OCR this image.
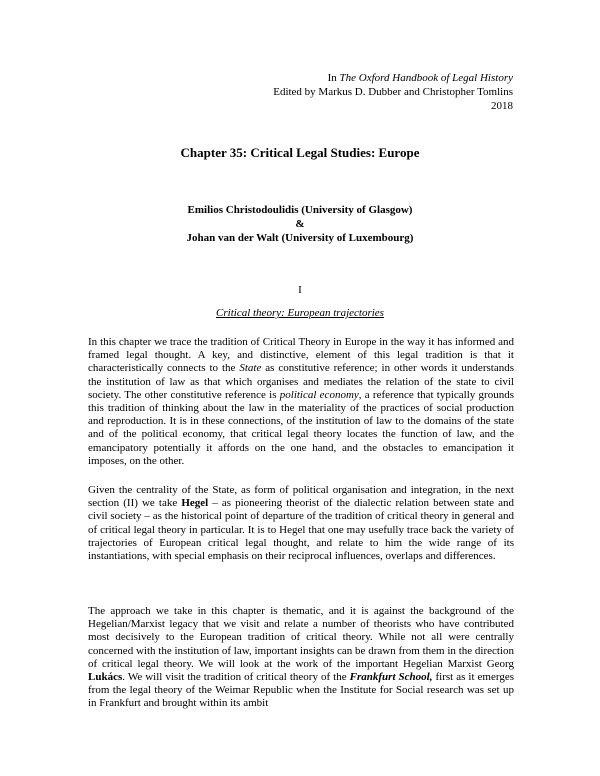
In The Oxford Handbook of Legal History
Edited by Markus D. Dubber and Christopher Tomlins
2018
Chapter 35: Critical Legal Studies: Europe
Emilios Christodoulidis (University of Glasgow)
&
Johan van der Walt (University of Luxembourg)
I
Critical theory: European trajectories

In this chapter we trace the tradition of Critical Theory in Europe in the way it has informed and framed legal thought. A key, and distinctive, element of this legal tradition is that it characteristically connects to the State as constitutive reference; in other words it understands the institution of law as that which organises and mediates the relation of the state to civil society. The other constitutive reference is political economy, a reference that typically grounds this tradition of thinking about the law in the materiality of the practices of social production and reproduction. It is in these connections, of the institution of law to the domains of the state and of the political economy, that critical legal theory locates the function of law, and the emancipatory potentially it affords on the one hand, and the obstacles to emancipation it imposes, on the other.

Given the centrality of the State, as form of political organisation and integration, in the next section (II) we take Hegel – as pioneering theorist of the dialectic relation between state and civil society – as the historical point of departure of the tradition of critical theory in general and of critical legal theory in particular. It is to Hegel that one may usefully trace back the variety of trajectories of European critical legal thought, and relate to him the wide range of its instantiations, with special emphasis on their reciprocal influences, overlaps and differences.

The approach we take in this chapter is thematic, and it is against the background of the Hegelian/Marxist legacy that we visit and relate a number of theorists who have contributed most decisively to the European tradition of critical theory. While not all were centrally concerned with the institution of law, important insights can be drawn from them in the direction of critical legal theory. We will look at the work of the important Hegelian Marxist Georg Lukács. We will visit the tradition of critical theory of the Frankfurt School, first as it emerges from the legal theory of the Weimar Republic when the Institute for Social research was set up in Frankfurt and brought within its ambit
